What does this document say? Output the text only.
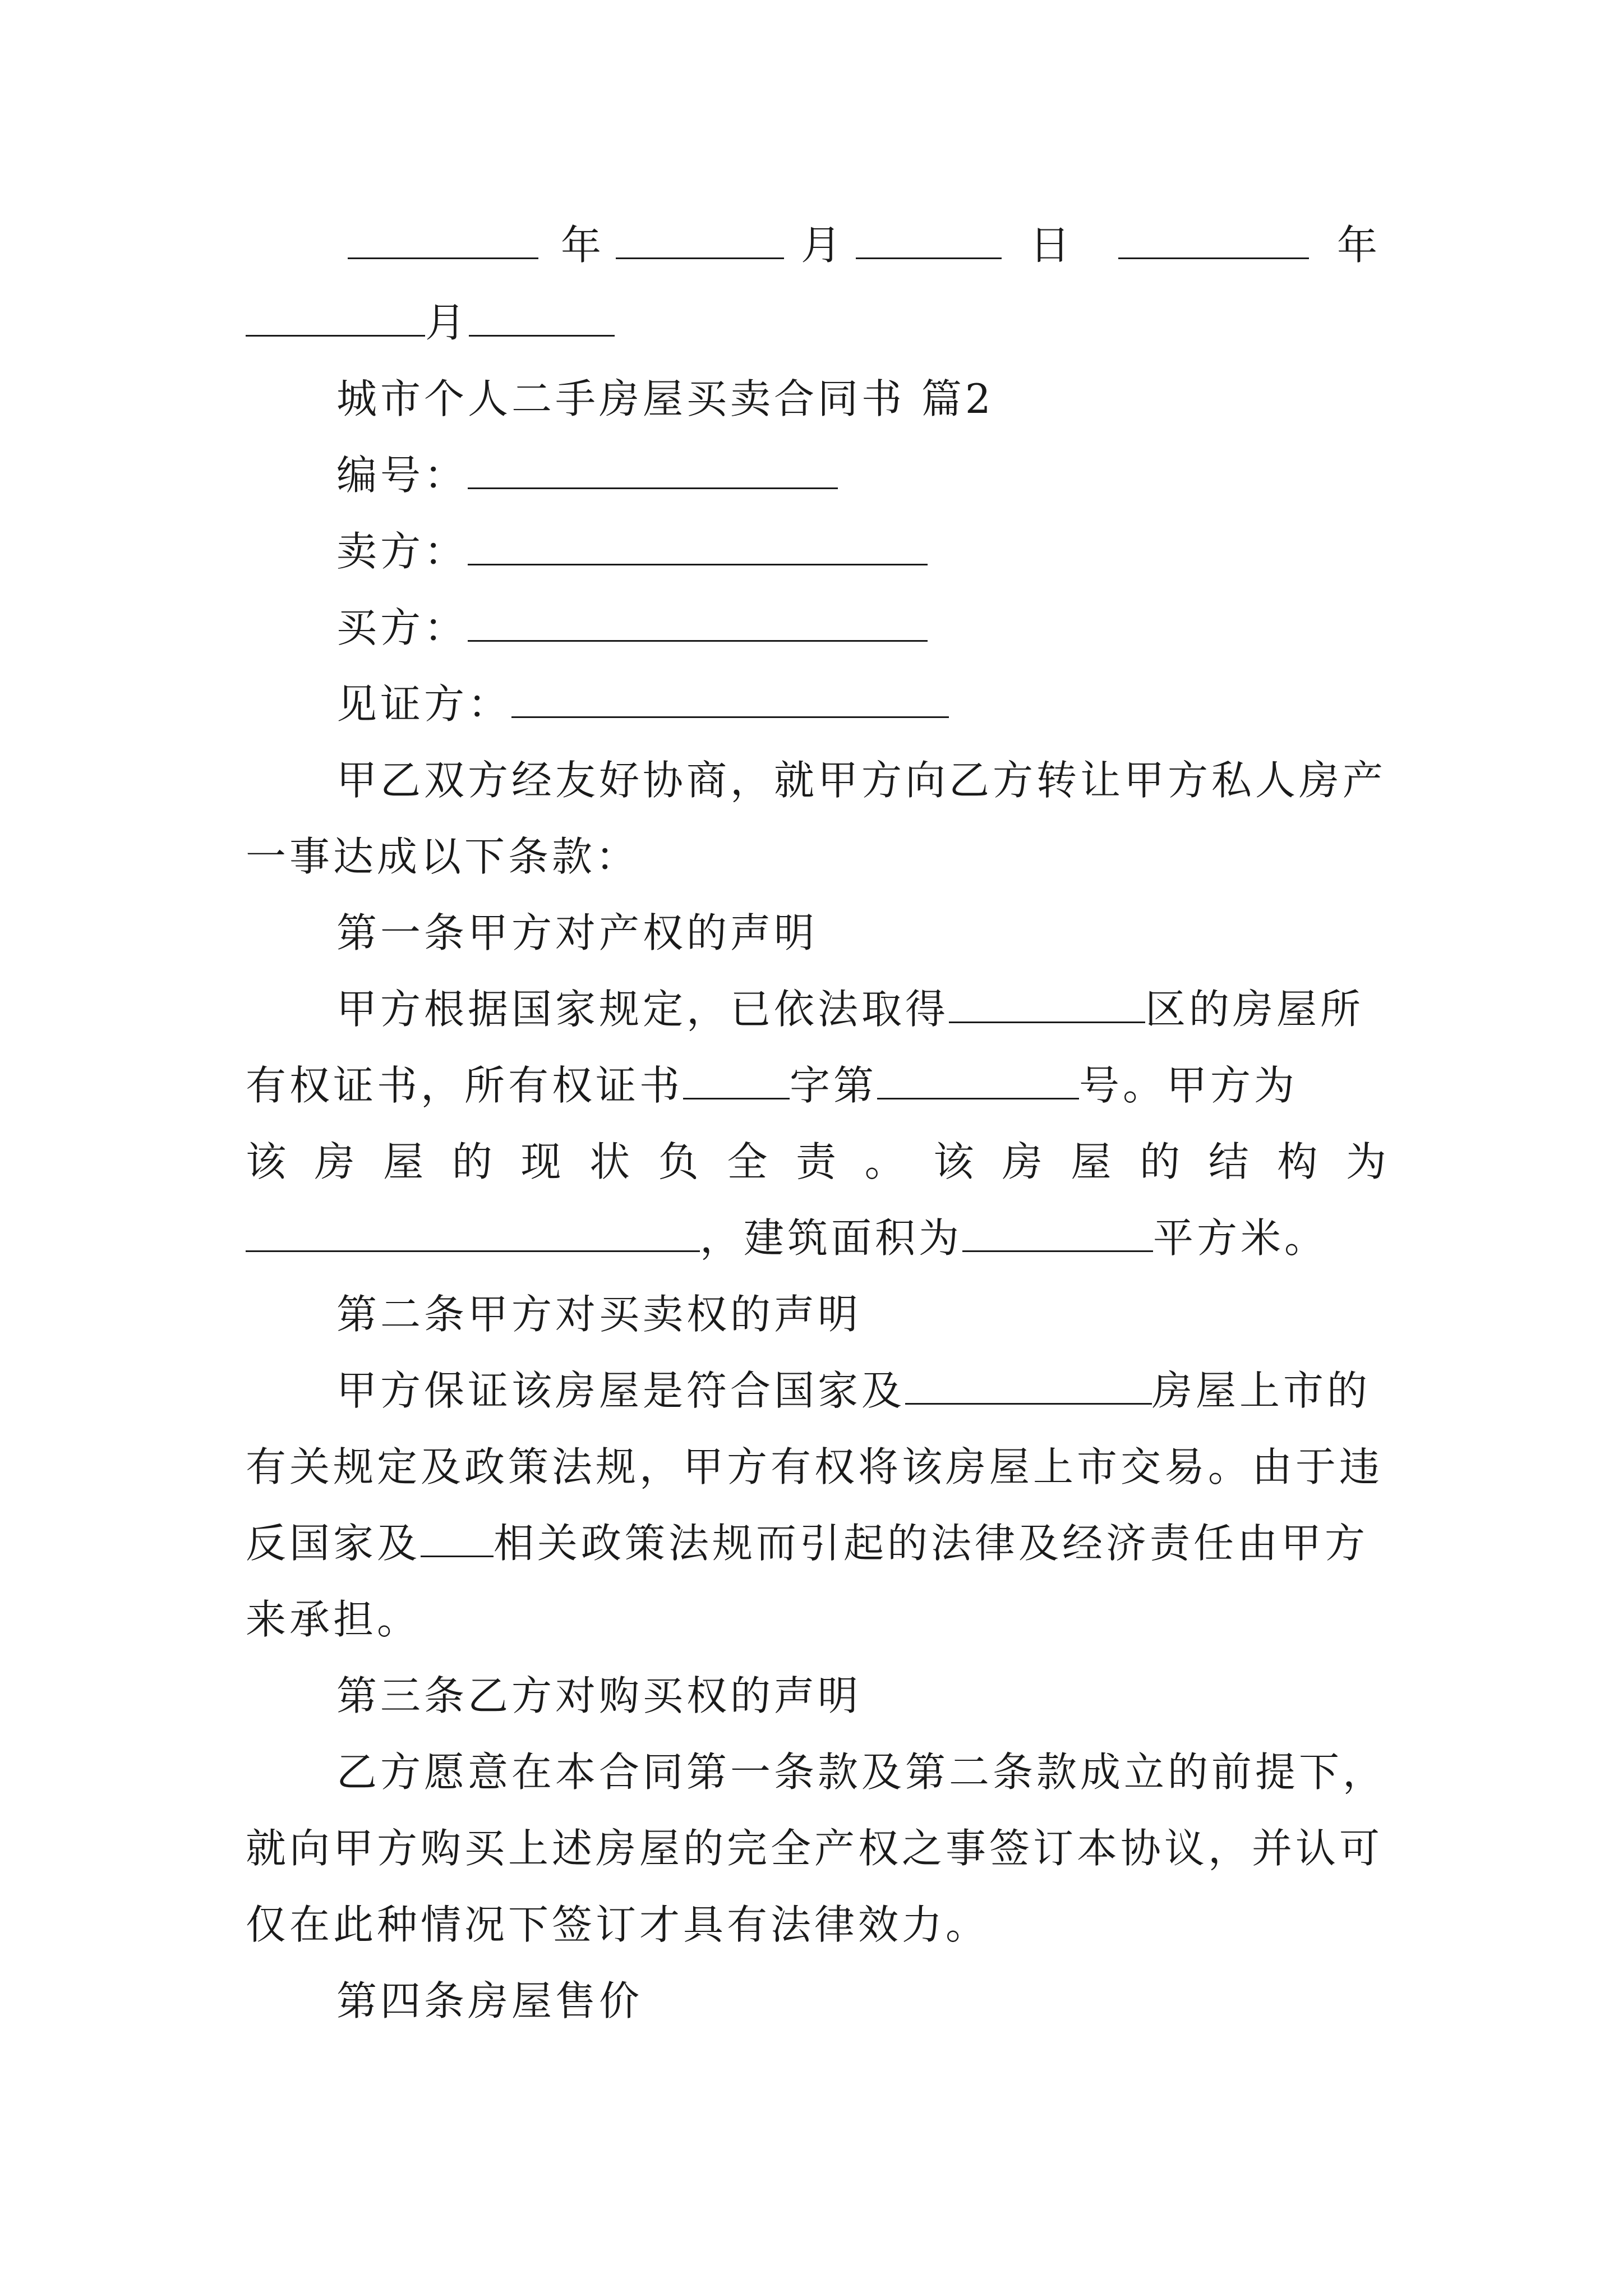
年	月	日	年
月
城市个人二手房屋买卖合同书 篇2
编号：
卖方：
买方：
见证方：
甲乙双方经友好协商，就甲方向乙方转让甲方私人房产
一事达成以下条款：
第一条甲方对产权的声明
甲方根据国家规定，已依法取得	区的房屋所
有权证书，所有权证书	字第	号。甲方为
该房屋的现状负全责。该房屋的结构为
，建筑面积为	平方米。
第二条甲方对买卖权的声明
甲方保证该房屋是符合国家及	房屋上市的
有关规定及政策法规，甲方有权将该房屋上市交易。由于违
反国家及 相关政策法规而引起的法律及经济责任由甲方
来承担。
第三条乙方对购买权的声明
乙方愿意在本合同第一条款及第二条款成立的前提下，
就向甲方购买上述房屋的完全产权之事签订本协议，并认可
仅在此种情况下签订才具有法律效力。
第四条房屋售价
